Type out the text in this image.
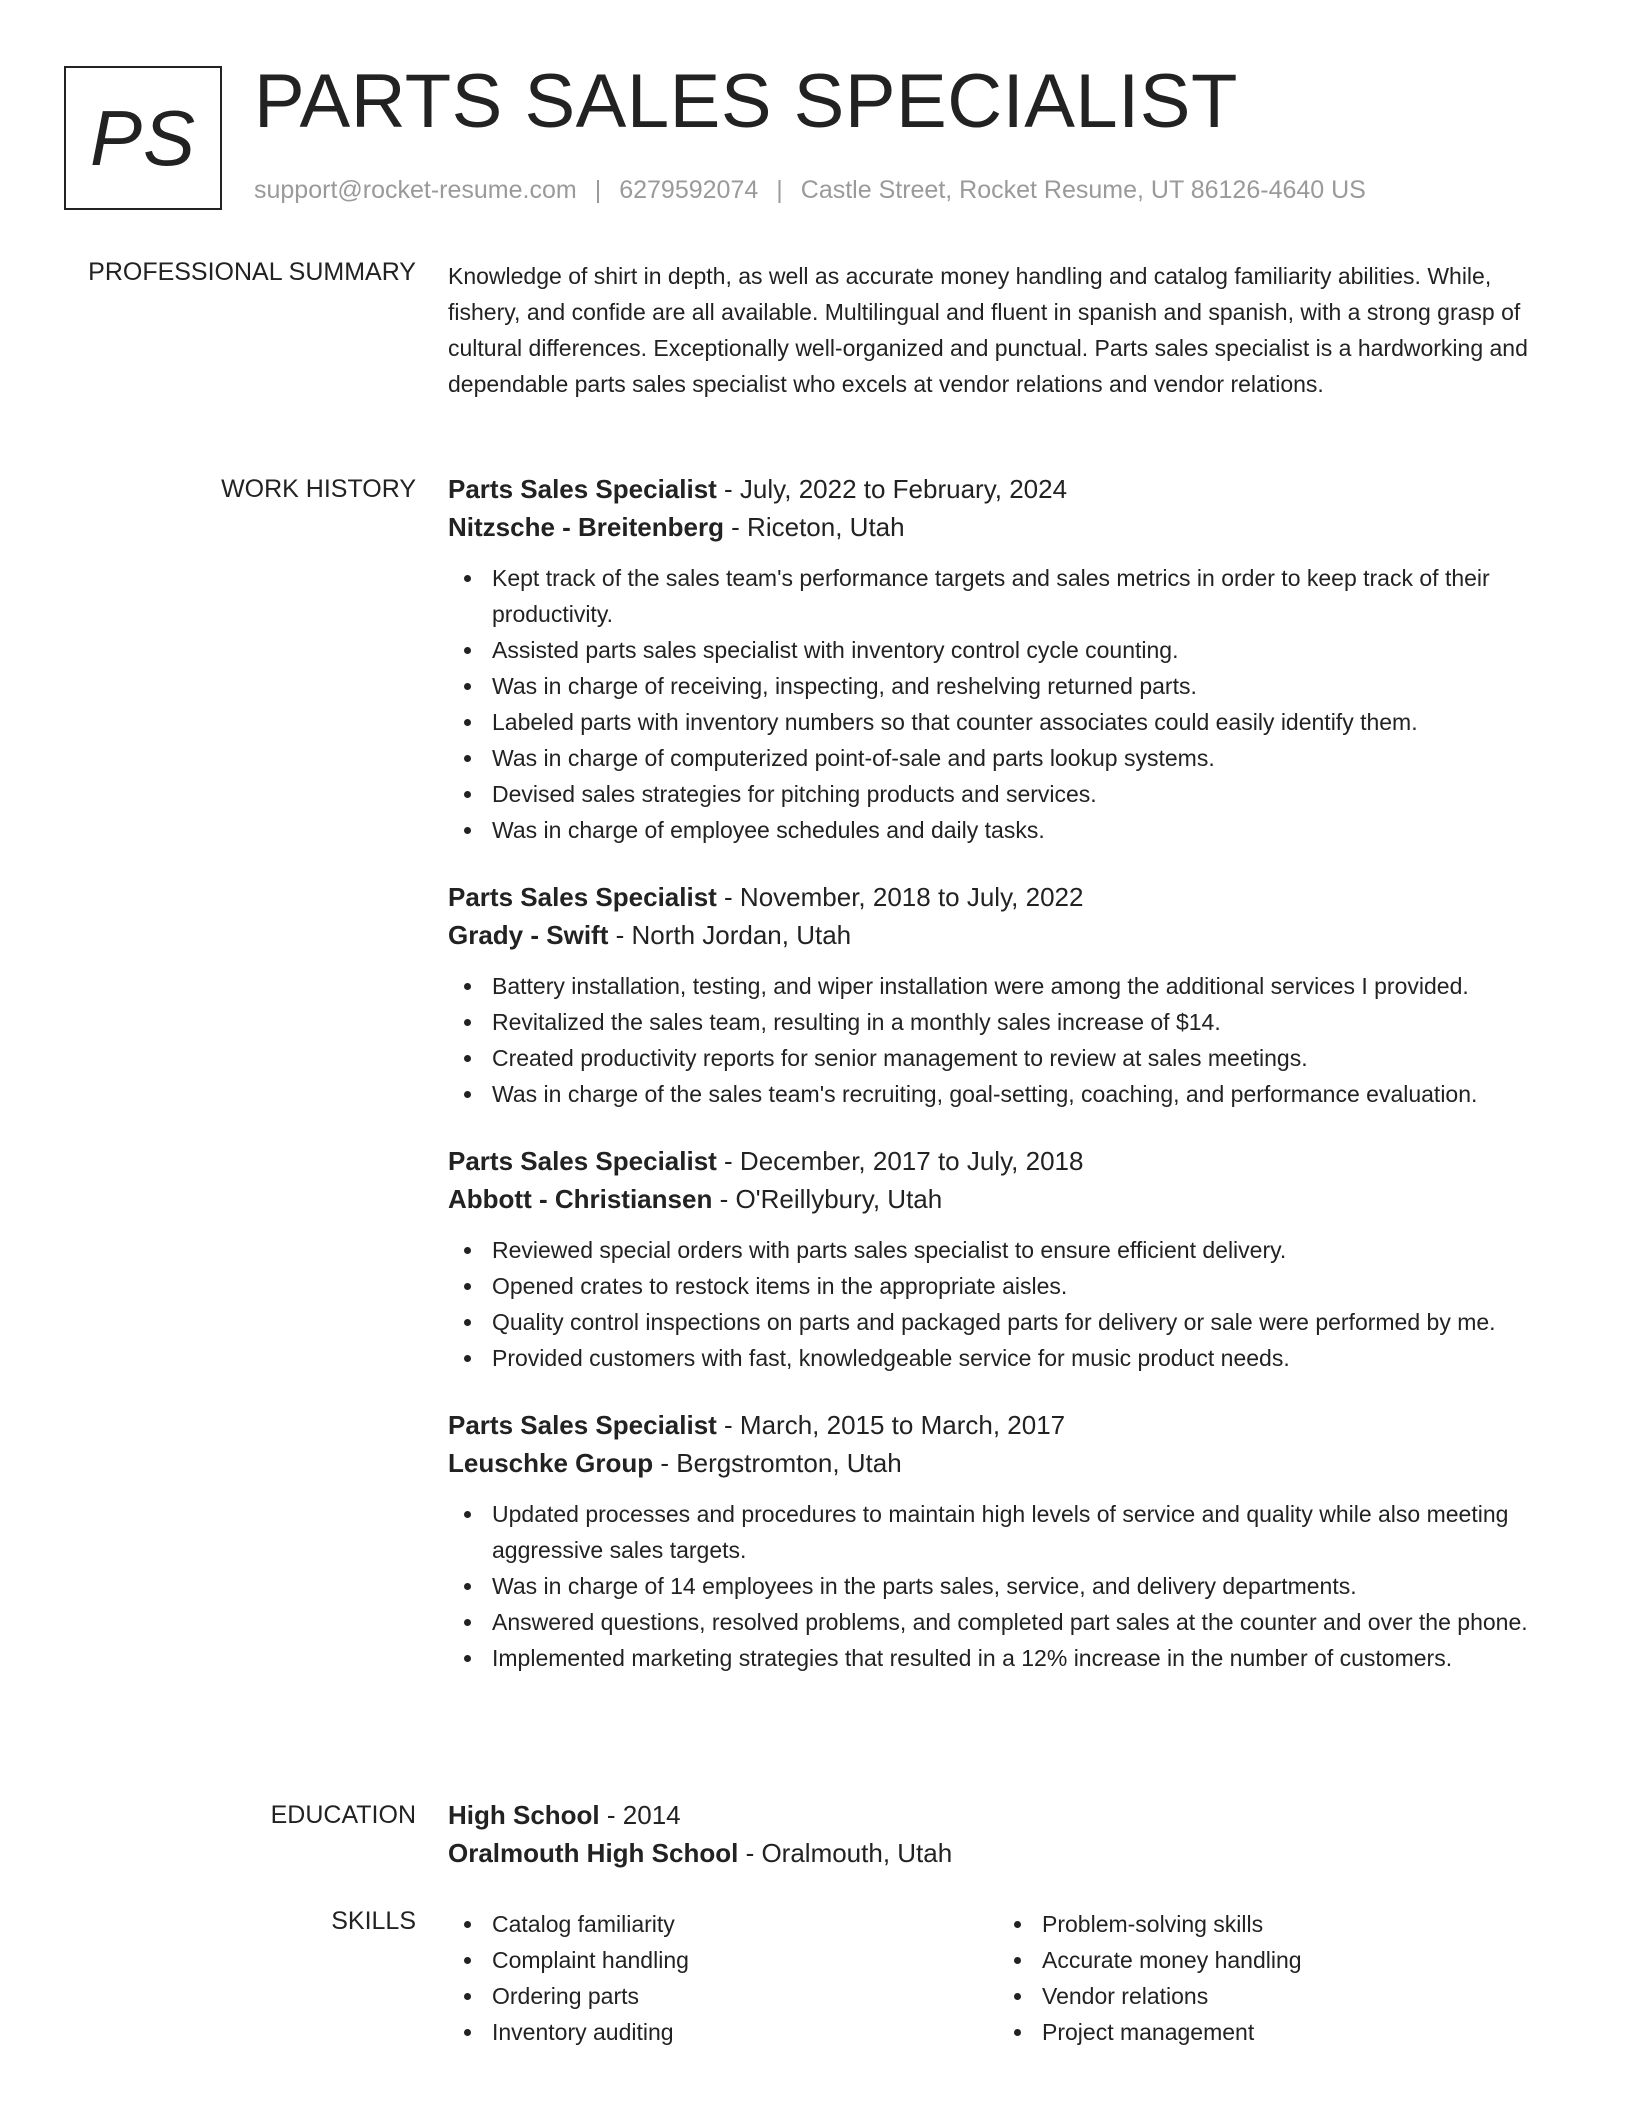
PS PARTS SALES SPECIALIST
support@rocket-resume.com | 6279592074 | Castle Street, Rocket Resume, UT 86126-4640 US
PROFESSIONAL SUMMARY Knowledge of shirt in depth, as well as accurate money handling and catalog familiarity abilities. While, fishery, and confide are all available. Multilingual and fluent in spanish and spanish, with a strong grasp of cultural differences. Exceptionally well-organized and punctual. Parts sales specialist is a hardworking and dependable parts sales specialist who excels at vendor relations and vendor relations.

WORK HISTORY Parts Sales Specialist - July, 2022 to February, 2024
Nitzsche - Breitenberg - Riceton, Utah
Kept track of the sales team's performance targets and sales metrics in order to keep track of their productivity.
Assisted parts sales specialist with inventory control cycle counting.
Was in charge of receiving, inspecting, and reshelving returned parts.
Labeled parts with inventory numbers so that counter associates could easily identify them.
Was in charge of computerized point-of-sale and parts lookup systems.
Devised sales strategies for pitching products and services.
Was in charge of employee schedules and daily tasks.
Parts Sales Specialist - November, 2018 to July, 2022
Grady - Swift - North Jordan, Utah
Battery installation, testing, and wiper installation were among the additional services I provided.
Revitalized the sales team, resulting in a monthly sales increase of $14.
Created productivity reports for senior management to review at sales meetings.
Was in charge of the sales team's recruiting, goal-setting, coaching, and performance evaluation.
Parts Sales Specialist - December, 2017 to July, 2018
Abbott - Christiansen - O'Reillybury, Utah
Reviewed special orders with parts sales specialist to ensure efficient delivery.
Opened crates to restock items in the appropriate aisles.
Quality control inspections on parts and packaged parts for delivery or sale were performed by me.
Provided customers with fast, knowledgeable service for music product needs.
Parts Sales Specialist - March, 2015 to March, 2017
Leuschke Group - Bergstromton, Utah
Updated processes and procedures to maintain high levels of service and quality while also meeting aggressive sales targets.
Was in charge of 14 employees in the parts sales, service, and delivery departments.
Answered questions, resolved problems, and completed part sales at the counter and over the phone.
Implemented marketing strategies that resulted in a 12% increase in the number of customers.
EDUCATION High School - 2014
Oralmouth High School - Oralmouth, Utah
SKILLS	Catalog familiarity
Complaint handling
Ordering parts
Inventory auditing
Problem-solving skills
Accurate money handling
Vendor relations
Project management
